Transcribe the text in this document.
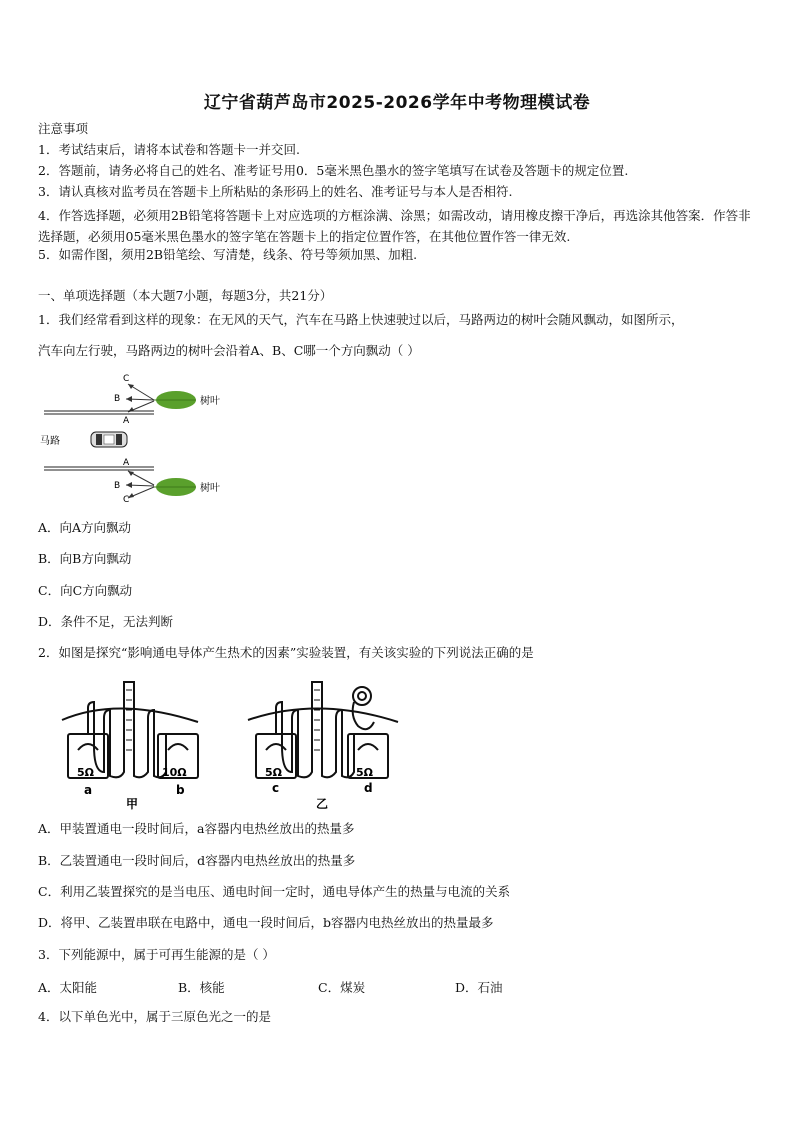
辽宁省葫芦岛市2025-2026学年中考物理模试卷
注意事项
1．考试结束后，请将本试卷和答题卡一并交回.
2．答题前，请务必将自己的姓名、准考证号用0．5毫米黑色墨水的签字笔填写在试卷及答题卡的规定位置.
3．请认真核对监考员在答题卡上所粘贴的条形码上的姓名、准考证号与本人是否相符.
4．作答选择题，必须用2B铅笔将答题卡上对应选项的方框涂满、涂黑；如需改动，请用橡皮擦干净后，再选涂其他答案．作答非选择题，必须用05毫米黑色墨水的签字笔在答题卡上的指定位置作答，在其他位置作答一律无效.
5．如需作图，须用2B铅笔绘、写清楚，线条、符号等须加黑、加粗.
一、单项选择题（本大题7小题，每题3分，共21分）
1．我们经常看到这样的现象：在无风的天气，汽车在马路上快速驶过以后，马路两边的树叶会随风飘动，如图所示，
汽车向左行驶，马路两边的树叶会沿着A、B、C哪一个方向飘动（ ）
C
B
A
树叶
马路
A
B
C
树叶
A．向A方向飘动
B．向B方向飘动
C．向C方向飘动
D．条件不足，无法判断
2．如图是探究“影响通电导体产生热术的因素”实验装置，有关该实验的下列说法正确的是
5Ω	10Ω
a	b
甲
5Ω	5Ω
c	d
乙
A．甲装置通电一段时间后，a容器内电热丝放出的热量多
B．乙装置通电一段时间后，d容器内电热丝放出的热量多
C．利用乙装置探究的是当电压、通电时间一定时，通电导体产生的热量与电流的关系
D．将甲、乙装置串联在电路中，通电一段时间后，b容器内电热丝放出的热量最多
3．下列能源中，属于可再生能源的是（ ）
A．太阳能	B．核能	C．煤炭	D．石油
4．以下单色光中，属于三原色光之一的是
